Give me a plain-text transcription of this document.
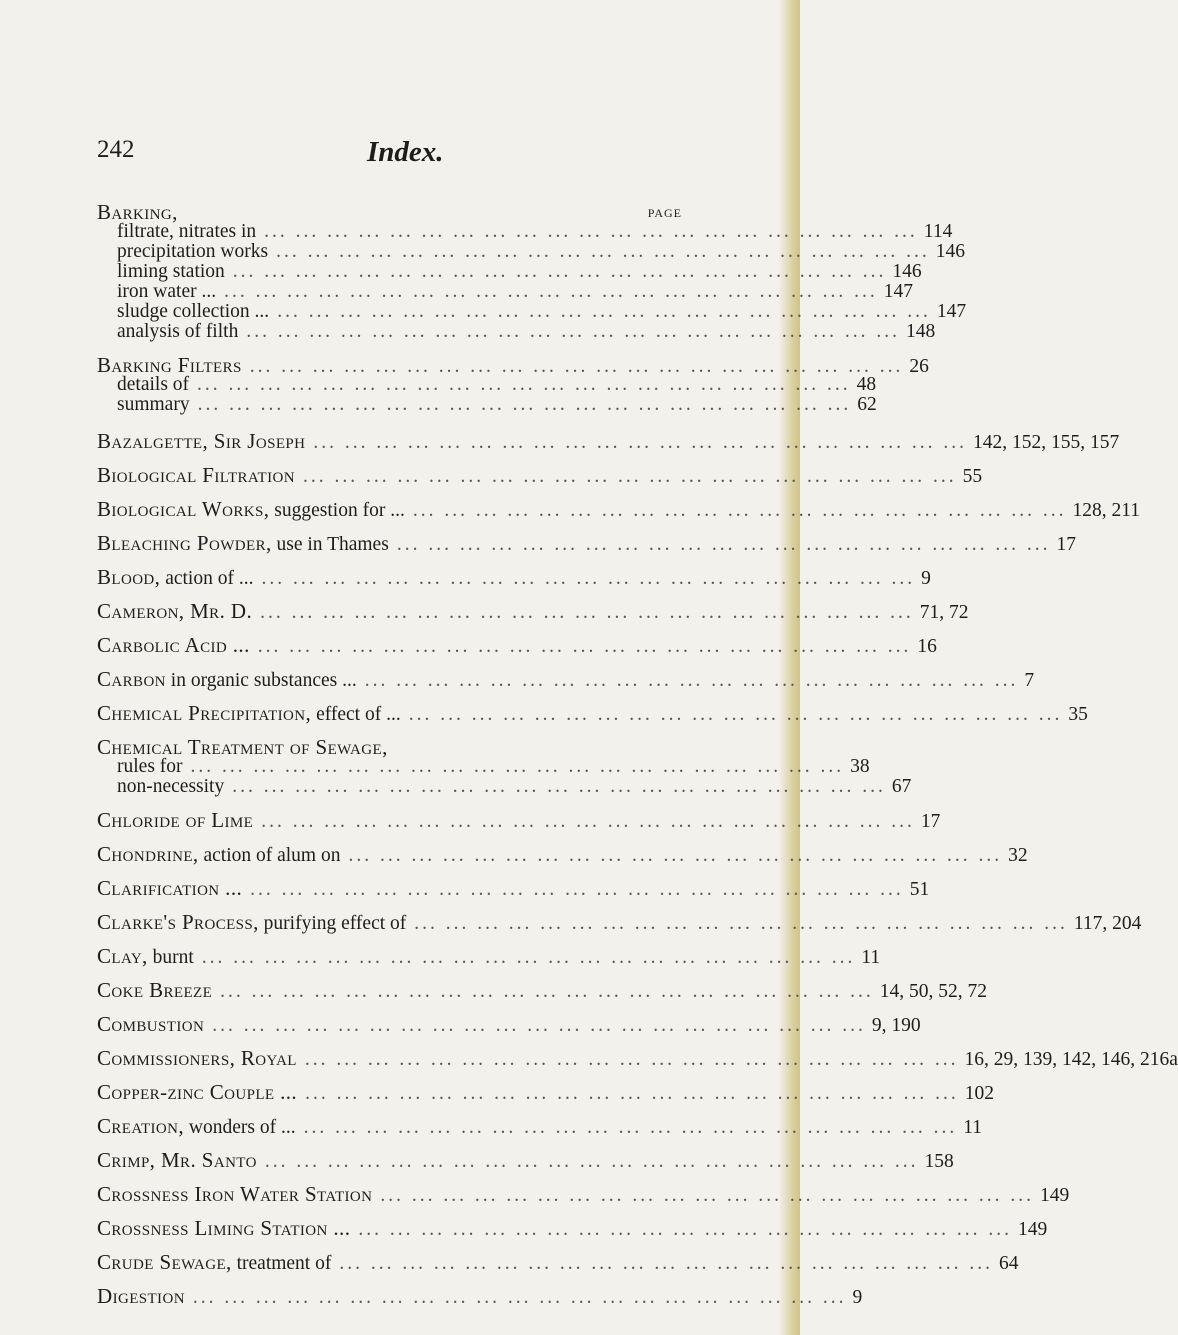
242	Index.
Barking,	PAGE
filtrate, nitrates in ... ... ... ... ... ... ... ... ... ... ... ... ... ... ... ... ... ... ... ... ... 114
precipitation works ... ... ... ... ... ... ... ... ... ... ... ... ... ... ... ... ... ... ... ... ... 146
liming station ... ... ... ... ... ... ... ... ... ... ... ... ... ... ... ... ... ... ... ... ... 146
iron water ... ... ... ... ... ... ... ... ... ... ... ... ... ... ... ... ... ... ... ... ... ... 147
sludge collection ... ... ... ... ... ... ... ... ... ... ... ... ... ... ... ... ... ... ... ... ... ... 147
analysis of filth ... ... ... ... ... ... ... ... ... ... ... ... ... ... ... ... ... ... ... ... ... 148
Barking Filters ... ... ... ... ... ... ... ... ... ... ... ... ... ... ... ... ... ... ... ... ... 26
details of ... ... ... ... ... ... ... ... ... ... ... ... ... ... ... ... ... ... ... ... ... 48
summary ... ... ... ... ... ... ... ... ... ... ... ... ... ... ... ... ... ... ... ... ... 62
Bazalgette, Sir Joseph ... ... ... ... ... ... ... ... ... ... ... ... ... ... ... ... ... ... ... ... ... 142, 152, 155, 157
Biological Filtration ... ... ... ... ... ... ... ... ... ... ... ... ... ... ... ... ... ... ... ... ... 55
Biological Works, suggestion for ... ... ... ... ... ... ... ... ... ... ... ... ... ... ... ... ... ... ... ... ... ... 128, 211
Bleaching Powder, use in Thames ... ... ... ... ... ... ... ... ... ... ... ... ... ... ... ... ... ... ... ... ... 17
Blood, action of ... ... ... ... ... ... ... ... ... ... ... ... ... ... ... ... ... ... ... ... ... ... 9
Cameron, Mr. D. ... ... ... ... ... ... ... ... ... ... ... ... ... ... ... ... ... ... ... ... ... 71, 72
Carbolic Acid ... ... ... ... ... ... ... ... ... ... ... ... ... ... ... ... ... ... ... ... ... ... 16
Carbon in organic substances ... ... ... ... ... ... ... ... ... ... ... ... ... ... ... ... ... ... ... ... ... ... 7
Chemical Precipitation, effect of ... ... ... ... ... ... ... ... ... ... ... ... ... ... ... ... ... ... ... ... ... ... 35
Chemical Treatment of Sewage,
rules for ... ... ... ... ... ... ... ... ... ... ... ... ... ... ... ... ... ... ... ... ... 38
non-necessity ... ... ... ... ... ... ... ... ... ... ... ... ... ... ... ... ... ... ... ... ... 67
Chloride of Lime ... ... ... ... ... ... ... ... ... ... ... ... ... ... ... ... ... ... ... ... ... 17
Chondrine, action of alum on ... ... ... ... ... ... ... ... ... ... ... ... ... ... ... ... ... ... ... ... ... 32
Clarification ... ... ... ... ... ... ... ... ... ... ... ... ... ... ... ... ... ... ... ... ... ... 51
Clarke's Process, purifying effect of ... ... ... ... ... ... ... ... ... ... ... ... ... ... ... ... ... ... ... ... ... 117, 204
Clay, burnt ... ... ... ... ... ... ... ... ... ... ... ... ... ... ... ... ... ... ... ... ... 11
Coke Breeze ... ... ... ... ... ... ... ... ... ... ... ... ... ... ... ... ... ... ... ... ... 14, 50, 52, 72
Combustion ... ... ... ... ... ... ... ... ... ... ... ... ... ... ... ... ... ... ... ... ... 9, 190
Commissioners, Royal ... ... ... ... ... ... ... ... ... ... ... ... ... ... ... ... ... ... ... ... ... 16, 29, 139, 142, 146, 216a
Copper-zinc Couple ... ... ... ... ... ... ... ... ... ... ... ... ... ... ... ... ... ... ... ... ... ... 102
Creation, wonders of ... ... ... ... ... ... ... ... ... ... ... ... ... ... ... ... ... ... ... ... ... ... 11
Crimp, Mr. Santo ... ... ... ... ... ... ... ... ... ... ... ... ... ... ... ... ... ... ... ... ... 158
Crossness Iron Water Station ... ... ... ... ... ... ... ... ... ... ... ... ... ... ... ... ... ... ... ... ... 149
Crossness Liming Station ... ... ... ... ... ... ... ... ... ... ... ... ... ... ... ... ... ... ... ... ... ... 149
Crude Sewage, treatment of ... ... ... ... ... ... ... ... ... ... ... ... ... ... ... ... ... ... ... ... ... 64
Digestion ... ... ... ... ... ... ... ... ... ... ... ... ... ... ... ... ... ... ... ... ... 9
